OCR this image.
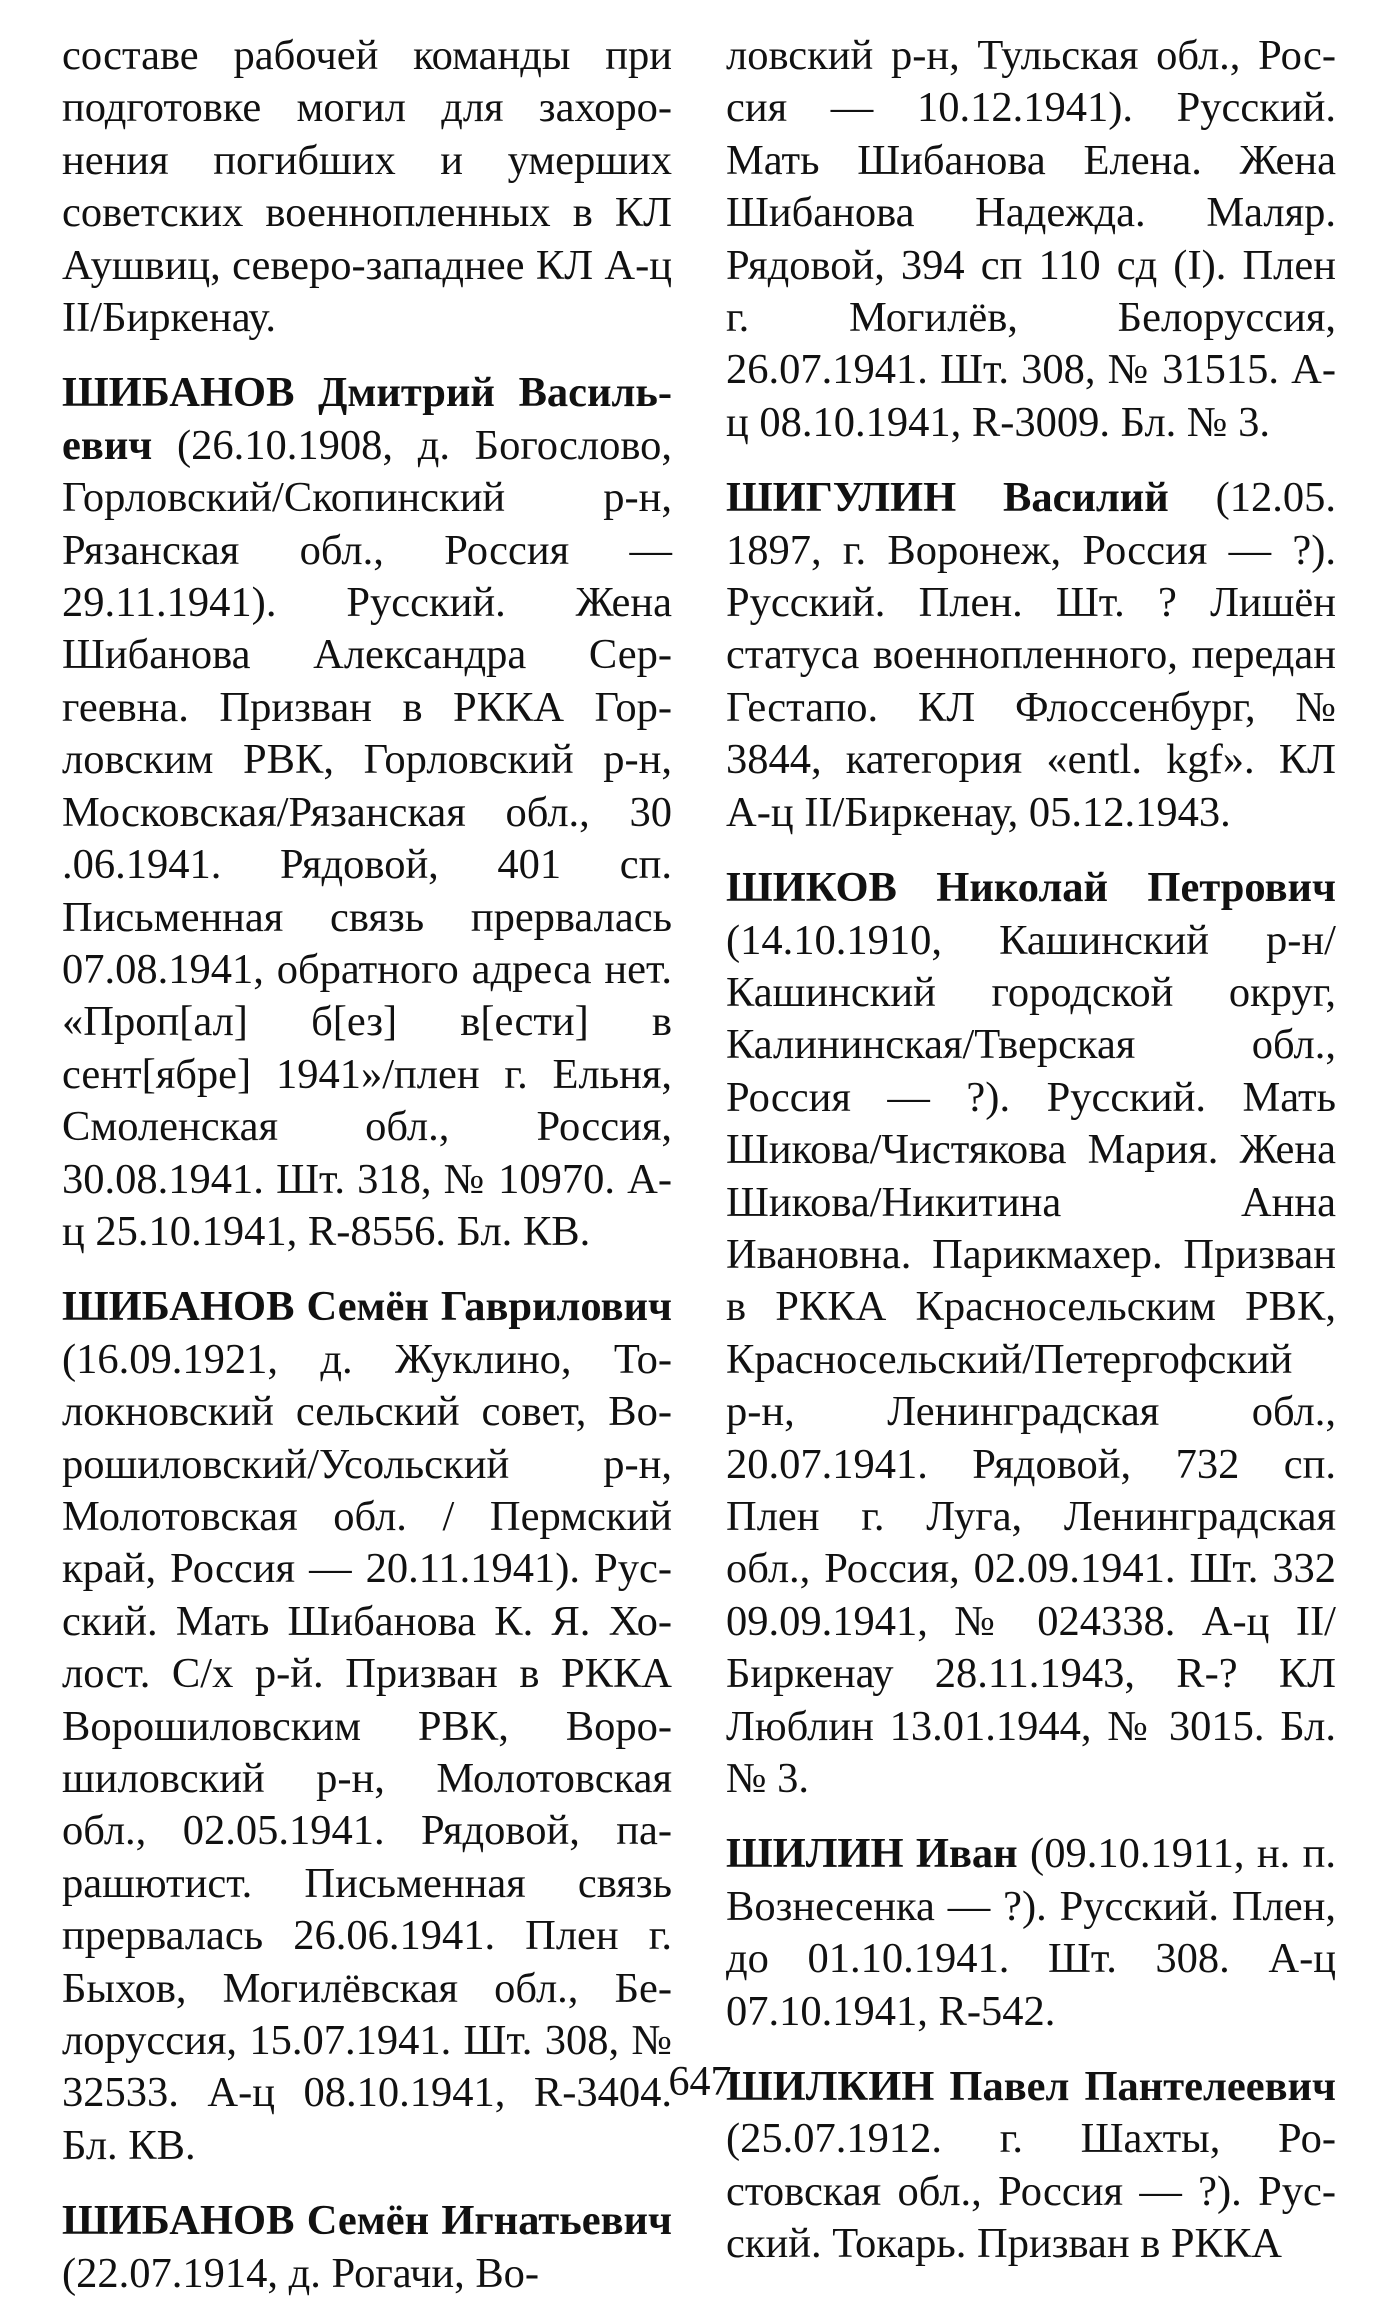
составе рабочей команды при подготовке могил для захоронения погибших и умерших советских военнопленных в КЛ Аушвиц, северо-западнее КЛ А-ц II/Биркенау.

ШИБАНОВ Дмитрий Васильевич (26.10.1908, д. Богослово, Горловский/Скопинский р-н, Рязанская обл., Россия — 29.11.1941). Русский. Жена Шибанова Александра Сергеевна. Призван в РККА Горловским РВК, Горловский р-н, Московская/Рязанская обл., 30 .06.1941. Рядовой, 401 сп. Письменная связь прервалась 07.08.1941, обратного адреса нет. «Проп[ал] б[ез] в[ести] в сент[ябре] 1941»/плен г. Ельня, Смоленская обл., Россия, 30.08.1941. Шт. 318, № 10970. А-ц 25.10.1941, R-8556. Бл. КВ.

ШИБАНОВ Семён Гаврилович (16.09.1921, д. Жуклино, Толокновский сельский совет, Ворошиловский/Усольский р-н, Молотовская обл. / Пермский край, Россия — 20.11.1941). Русский. Мать Шибанова К. Я. Холост. С/х р-й. Призван в РККА Ворошиловским РВК, Ворошиловский р-н, Молотовская обл., 02.05.1941. Рядовой, парашютист. Письменная связь прервалась 26.06.1941. Плен г. Быхов, Могилёвская обл., Белоруссия, 15.07.1941. Шт. 308, № 32533. А-ц 08.10.1941, R-3404. Бл. КВ.

ШИБАНОВ Семён Игнатьевич (22.07.1914, д. Рогачи, Во-

ловский р-н, Тульская обл., Россия — 10.12.1941). Русский. Мать Шибанова Елена. Жена Шибанова Надежда. Маляр. Рядовой, 394 сп 110 сд (I). Плен г. Могилёв, Белоруссия, 26.07.1941. Шт. 308, № 31515. А-ц 08.10.1941, R-3009. Бл. № 3.

ШИГУЛИН Василий (12.05. 1897, г. Воронеж, Россия — ?). Русский. Плен. Шт. ? Лишён статуса военнопленного, передан Гестапо. КЛ Флоссенбург, № 3844, категория «entl. kgf». КЛ А-ц II/Биркенау, 05.12.1943.

ШИКОВ Николай Петрович (14.10.1910, Кашинский р-н/ Кашинский городской округ, Калининская/Тверская обл., Россия — ?). Русский. Мать Шикова/Чистякова Мария. Жена Шикова/Никитина Анна Ивановна. Парикмахер. Призван в РККА Красносельским РВК, Красносельский/Петергофский р-н, Ленинградская обл., 20.07.1941. Рядовой, 732 сп. Плен г. Луга, Ленинградская обл., Россия, 02.09.1941. Шт. 332 09.09.1941, № 024338. А-ц II/Биркенау 28.11.1943, R-? КЛ Люблин 13.01.1944, № 3015. Бл. № 3.

ШИЛИН Иван (09.10.1911, н. п. Вознесенка — ?). Русский. Плен, до 01.10.1941. Шт. 308. А-ц 07.10.1941, R-542.

ШИЛКИН Павел Пантелеевич (25.07.1912. г. Шахты, Ростовская обл., Россия — ?). Русский. Токарь. Призван в РККА

647
